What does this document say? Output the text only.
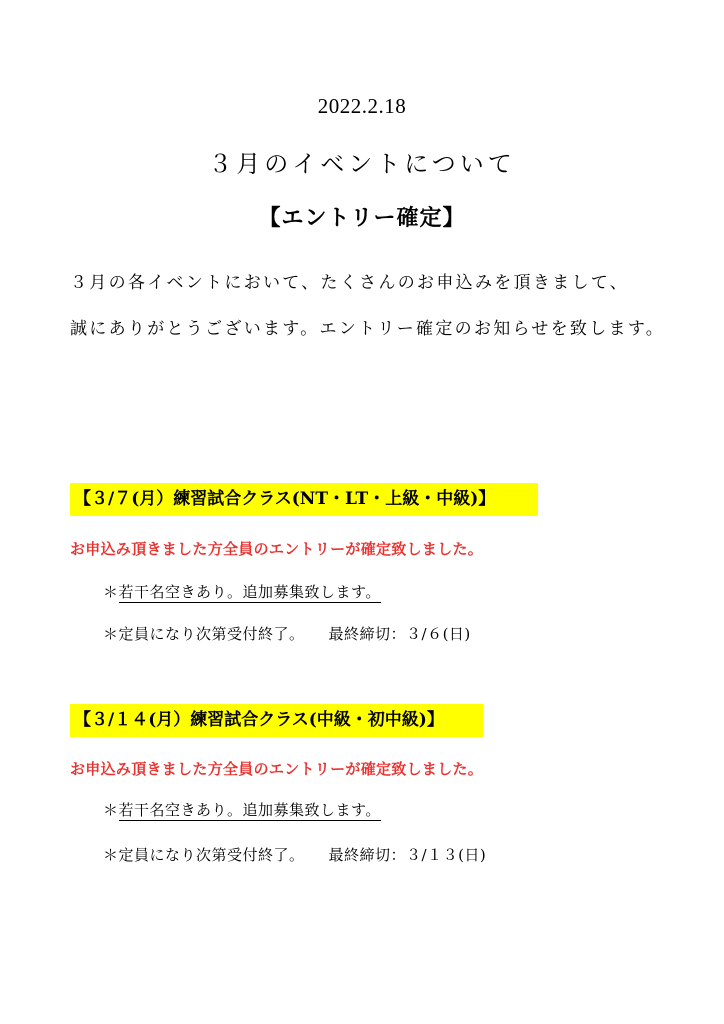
2022.2.18
３月のイベントについて
【エントリー確定】
３月の各イベントにおいて、たくさんのお申込みを頂きまして、
誠にありがとうございます。エントリー確定のお知らせを致します。
【３/７(月）練習試合クラス(NT・LT・上級・中級)】
お申込み頂きました方全員のエントリーが確定致しました。
＊若干名空きあり。追加募集致します。
＊定員になり次第受付終了。 最終締切：３/６(日)
【３/１４(月）練習試合クラス(中級・初中級)】
お申込み頂きました方全員のエントリーが確定致しました。
＊若干名空きあり。追加募集致します。
＊定員になり次第受付終了。 最終締切：３/１３(日)
